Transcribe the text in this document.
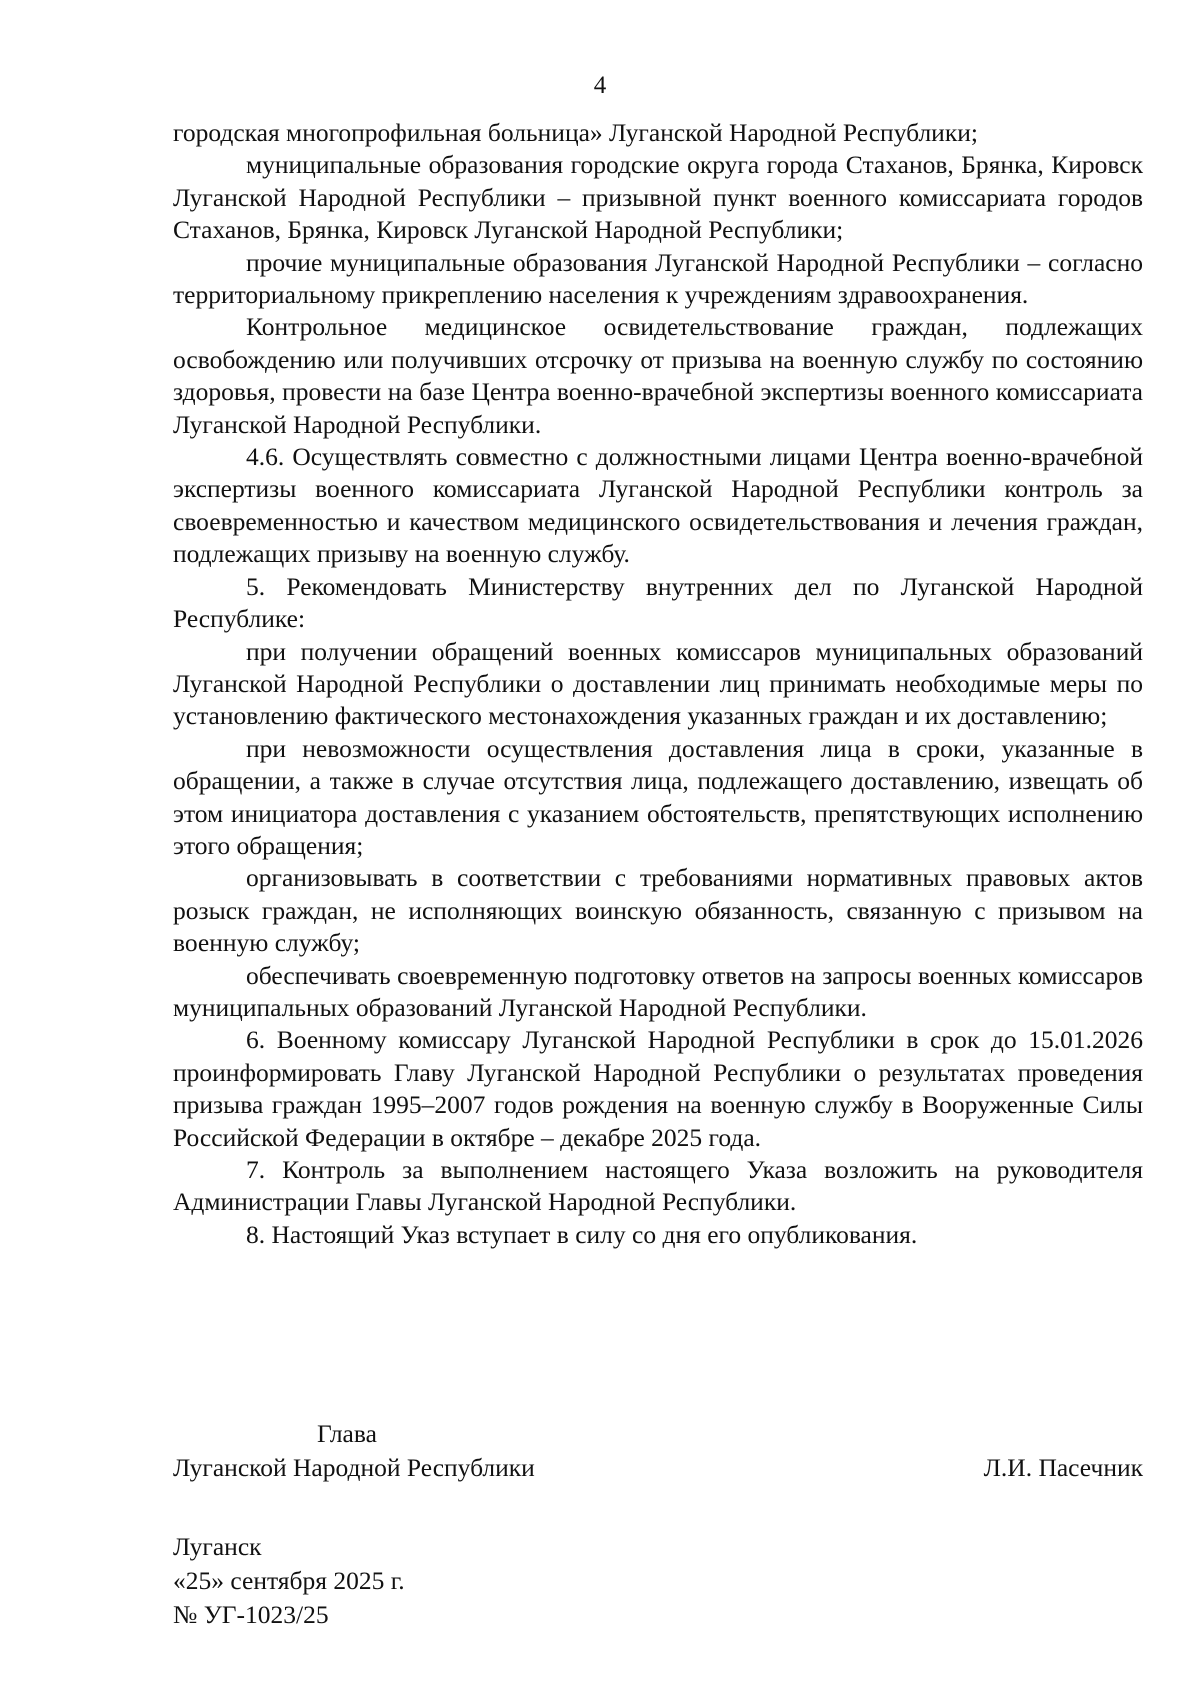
4

городская многопрофильная больница» Луганской Народной Республики;

муниципальные образования городские округа города Стаханов, Брянка, Кировск Луганской Народной Республики – призывной пункт военного комиссариата городов Стаханов, Брянка, Кировск Луганской Народной Республики;

прочие муниципальные образования Луганской Народной Республики – согласно территориальному прикреплению населения к учреждениям здравоохранения.

Контрольное медицинское освидетельствование граждан, подлежащих освобождению или получивших отсрочку от призыва на военную службу по состоянию здоровья, провести на базе Центра военно-врачебной экспертизы военного комиссариата Луганской Народной Республики.

4.6. Осуществлять совместно с должностными лицами Центра военно-врачебной экспертизы военного комиссариата Луганской Народной Республики контроль за своевременностью и качеством медицинского освидетельствования и лечения граждан, подлежащих призыву на военную службу.

5. Рекомендовать Министерству внутренних дел по Луганской Народной Республике:

при получении обращений военных комиссаров муниципальных образований Луганской Народной Республики о доставлении лиц принимать необходимые меры по установлению фактического местонахождения указанных граждан и их доставлению;

при невозможности осуществления доставления лица в сроки, указанные в обращении, а также в случае отсутствия лица, подлежащего доставлению, извещать об этом инициатора доставления с указанием обстоятельств, препятствующих исполнению этого обращения;

организовывать в соответствии с требованиями нормативных правовых актов розыск граждан, не исполняющих воинскую обязанность, связанную с призывом на военную службу;

обеспечивать своевременную подготовку ответов на запросы военных комиссаров муниципальных образований Луганской Народной Республики.

6. Военному комиссару Луганской Народной Республики в срок до 15.01.2026 проинформировать Главу Луганской Народной Республики о результатах проведения призыва граждан 1995–2007 годов рождения на военную службу в Вооруженные Силы Российской Федерации в октябре – декабре 2025 года.

7. Контроль за выполнением настоящего Указа возложить на руководителя Администрации Главы Луганской Народной Республики.

8. Настоящий Указ вступает в силу со дня его опубликования.

Глава

Луганской Народной Республики	Л.И. Пасечник

Луганск

«25» сентября 2025 г.

№ УГ-1023/25
